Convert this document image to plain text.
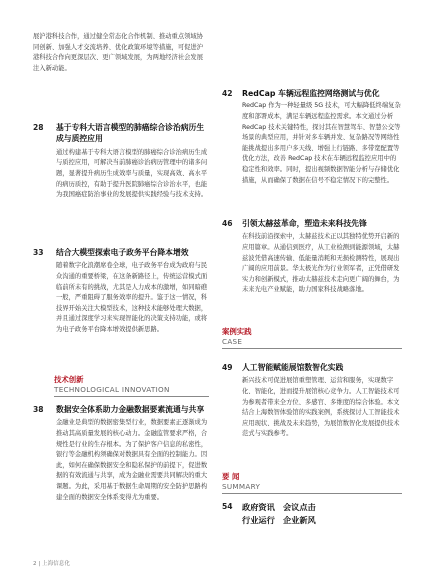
展沪港科技合作，通过健全常态化合作机制、推动重点领域协同创新、加强人才交流培养、优化政策环境等措施，可促进沪港科技合作向更深层次、更广领域发展，为两地经济社会发展注入新动能。

28 基于专科大语言模型的肺癌综合诊治病历生成与质控应用

通过构建基于专科大语言模型的肺癌综合诊治病历生成与质控应用，可解决当前肺癌诊治病历管理中的诸多问题，显著提升病历生成效率与质量，实现高效、高水平的病历质控，有助于提升医院肺癌综合诊治水平，也能为我国癌症防治事业的发展提供实践经验与技术支持。

33 结合大模型探索电子政务平台降本增效

随着数字化浪潮席卷全球，电子政务平台成为政府与民众沟通的重要桥梁，在这条新路径上，传统运营模式面临前所未有的挑战，尤其是人力成本的激增，如同暗礁一般，严重阻碍了服务效率的提升。鉴于这一情况，科技界开始关注大模型技术，这种技术能够处理大数据，并且通过深度学习来实现智能化的决策支持功能，或将为电子政务平台降本增效提供新思路。

技术创新
TECHNOLOGICAL INNOVATION
38 数据安全体系助力金融数据要素流通与共享

金融业是典型的数据密集型行业，数据要素正逐渐成为推动其高质量发展的核心动力。金融监管要求严格，合规性是行业的生存根本。为了保护客户信息的私密性，银行等金融机构须确保对数据具有全面的控制能力。因此，如何在确保数据安全和隐私保护的前提下，促进数据的有效流通与共享，成为金融业需要共同解决的重大课题。为此，采用基于数据生命周期的安全防护思路构建全面的数据安全体系变得尤为重要。

42 RedCap 车辆远程监控网络测试与优化

RedCap 作为一种轻量级 5G 技术，可大幅降低终端复杂度和部署成本，满足车辆远程监控需求。本文通过分析 RedCap 技术关键特性，探讨其在智慧驾车、智慧公交等场景的典型应用，并针对多车辆并发、复杂路况等网络性能挑战提出多用户多天线、增强上行链路、多带宽配置等优化方法，改善 RedCap 技术在车辆远程监控应用中的稳定性和效率。同时，提出视频数据智能分析与存储优化措施，从而确保了数据在信号不稳定情况下的完整性。

46 引领太赫兹革命，塑造未来科技先锋

在科技前沿探索中，太赫兹技术正以其独特优势开启新的应用篇章。从通信到医疗，从工业检测到能源领域，太赫兹波凭借高速传输、低能量消耗和无损检测特性，展现出广阔的应用前景。华太极光作为行业领军者，正凭借研发实力和创新模式，推动太赫兹技术走向更广阔的舞台，为未来光电产业赋能，助力国家科技战略落地。

案例实践
CASE
49 人工智能赋能展馆数智化实践

新兴技术可促进展馆重塑管理、运营和服务，实现数字化、智能化，进而提升展馆核心竞争力。人工智能技术可为参观者带来全方位、多感官、多维度的综合体验。本文结合上海数智体验馆的实践案例，系统探讨人工智能技术应用现状、挑战及未来趋势，为展馆数智化发展提供技术范式与实践参考。

要 闻
SUMMARY
54 政府资讯　会议点击

行业运行　企业新风

2 | 上海信息化
